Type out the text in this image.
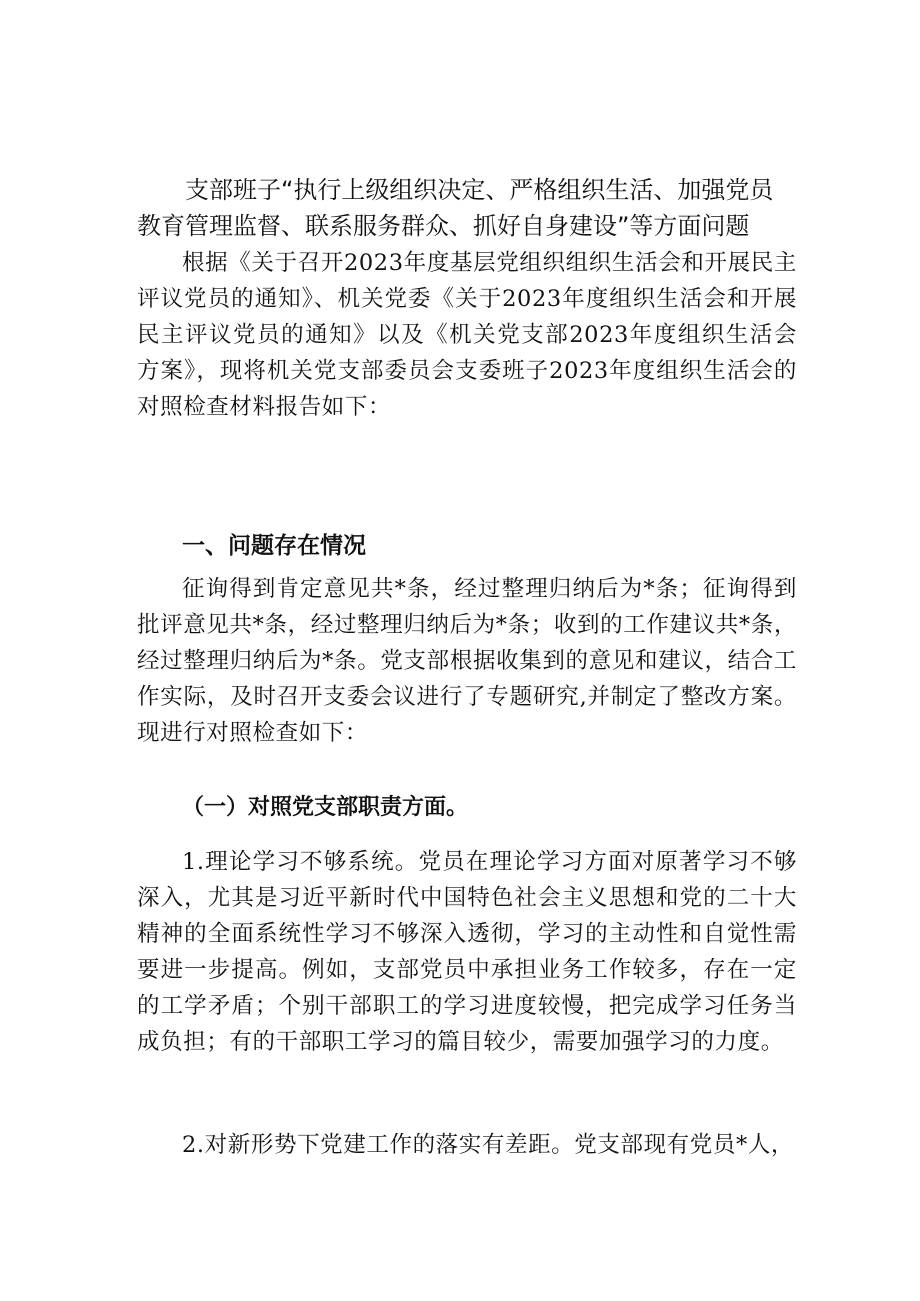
支部班子“执行上级组织决定、严格组织生活、加强党员教育管理监督、联系服务群众、抓好自身建设”等方面问题

根据《关于召开2023年度基层党组织组织生活会和开展民主评议党员的通知》、机关党委《关于2023年度组织生活会和开展民主评议党员的通知》以及《机关党支部2023年度组织生活会方案》，现将机关党支部委员会支委班子2023年度组织生活会的对照检查材料报告如下：

一、问题存在情况

征询得到肯定意见共*条，经过整理归纳后为*条；征询得到批评意见共*条，经过整理归纳后为*条；收到的工作建议共*条，经过整理归纳后为*条。党支部根据收集到的意见和建议，结合工作实际，及时召开支委会议进行了专题研究,并制定了整改方案。现进行对照检查如下：

（一）对照党支部职责方面。

1.理论学习不够系统。党员在理论学习方面对原著学习不够深入，尤其是习近平新时代中国特色社会主义思想和党的二十大精神的全面系统性学习不够深入透彻，学习的主动性和自觉性需要进一步提高。例如，支部党员中承担业务工作较多，存在一定的工学矛盾；个别干部职工的学习进度较慢，把完成学习任务当成负担；有的干部职工学习的篇目较少，需要加强学习的力度。

2.对新形势下党建工作的落实有差距。党支部现有党员*人，
